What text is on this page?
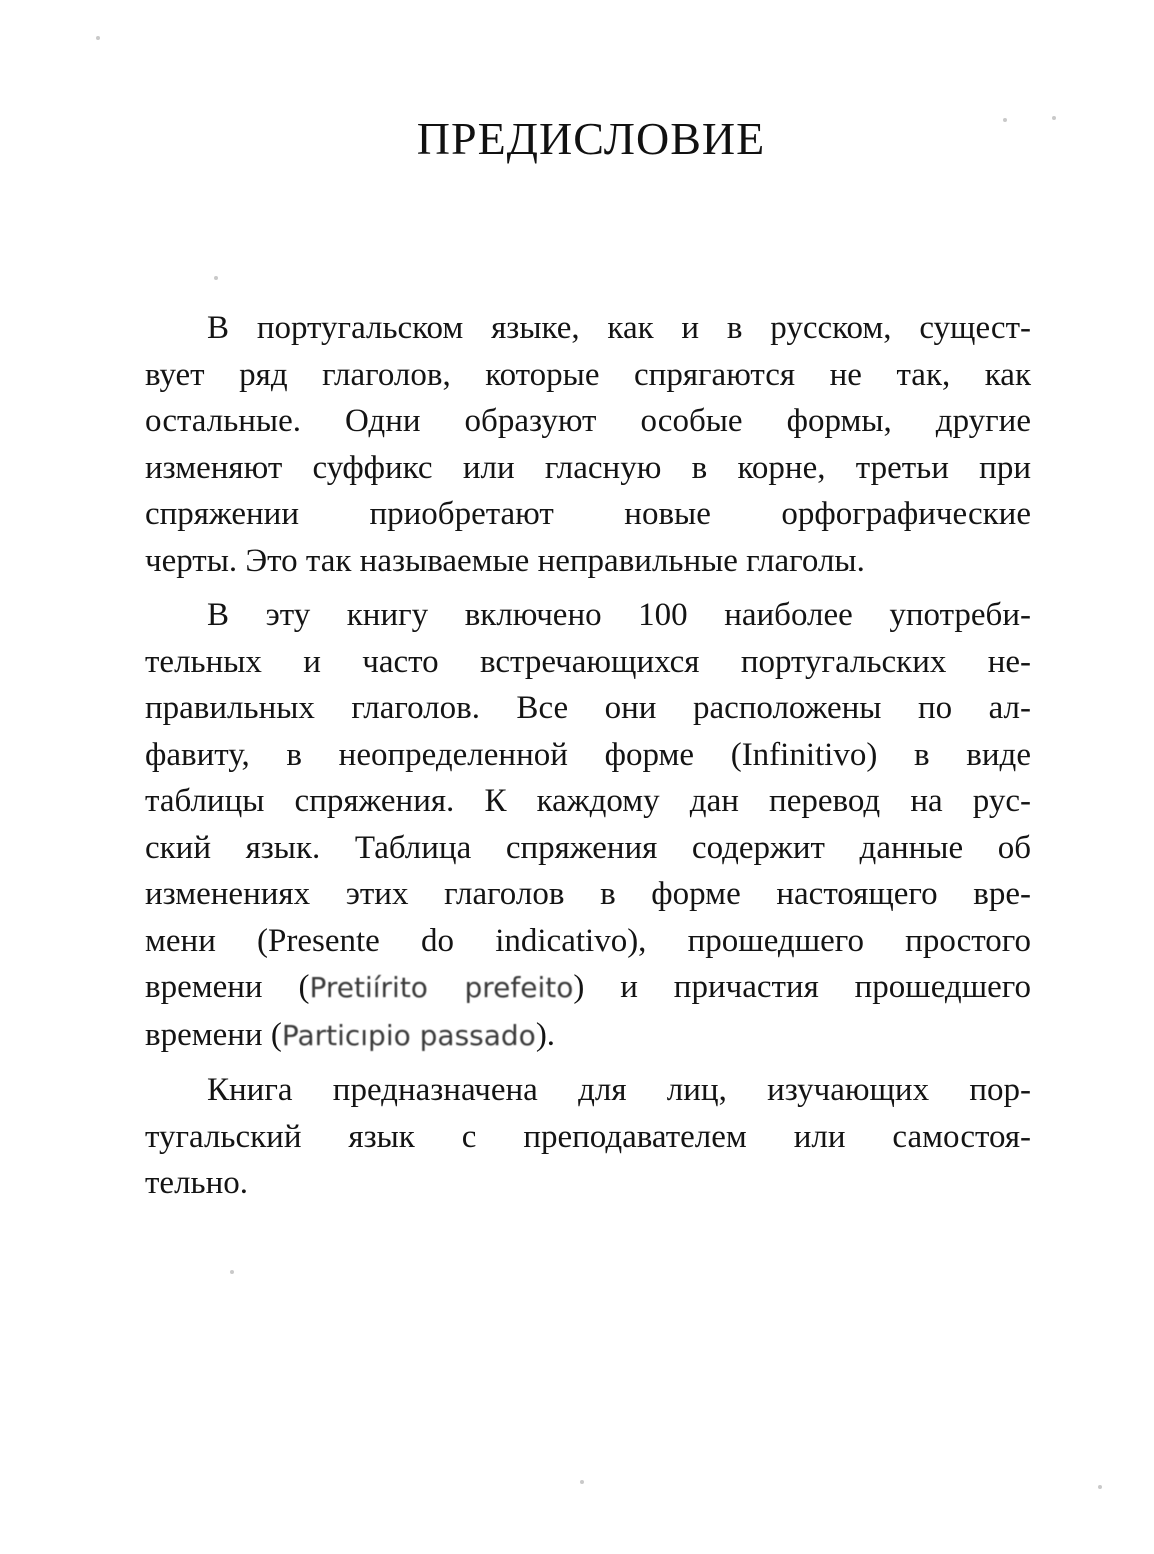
ПРЕДИСЛОВИЕ

В португальском языке, как и в русском, сущест-
вует ряд глаголов, которые спрягаются не так, как
остальные. Одни образуют особые формы, другие
изменяют суффикс или гласную в корне, третьи при
спряжении приобретают новые орфографические
черты. Это так называемые неправильные глаголы.

В эту книгу включено 100 наиболее употреби-
тельных и часто встречающихся португальских не-
правильных глаголов. Все они расположены по ал-
фавиту, в неопределенной форме (Infinitivo) в виде
таблицы спряжения. К каждому дан перевод на рус-
ский язык. Таблица спряжения содержит данные об
изменениях этих глаголов в форме настоящего вре-
мени (Presente do indicativo), прошедшего простого
времени (Pretiírito prefeito) и причастия прошедшего
времени (Particıpio passado).

Книга предназначена для лиц, изучающих пор-
тугальский язык с преподавателем или самостоя-
тельно.
